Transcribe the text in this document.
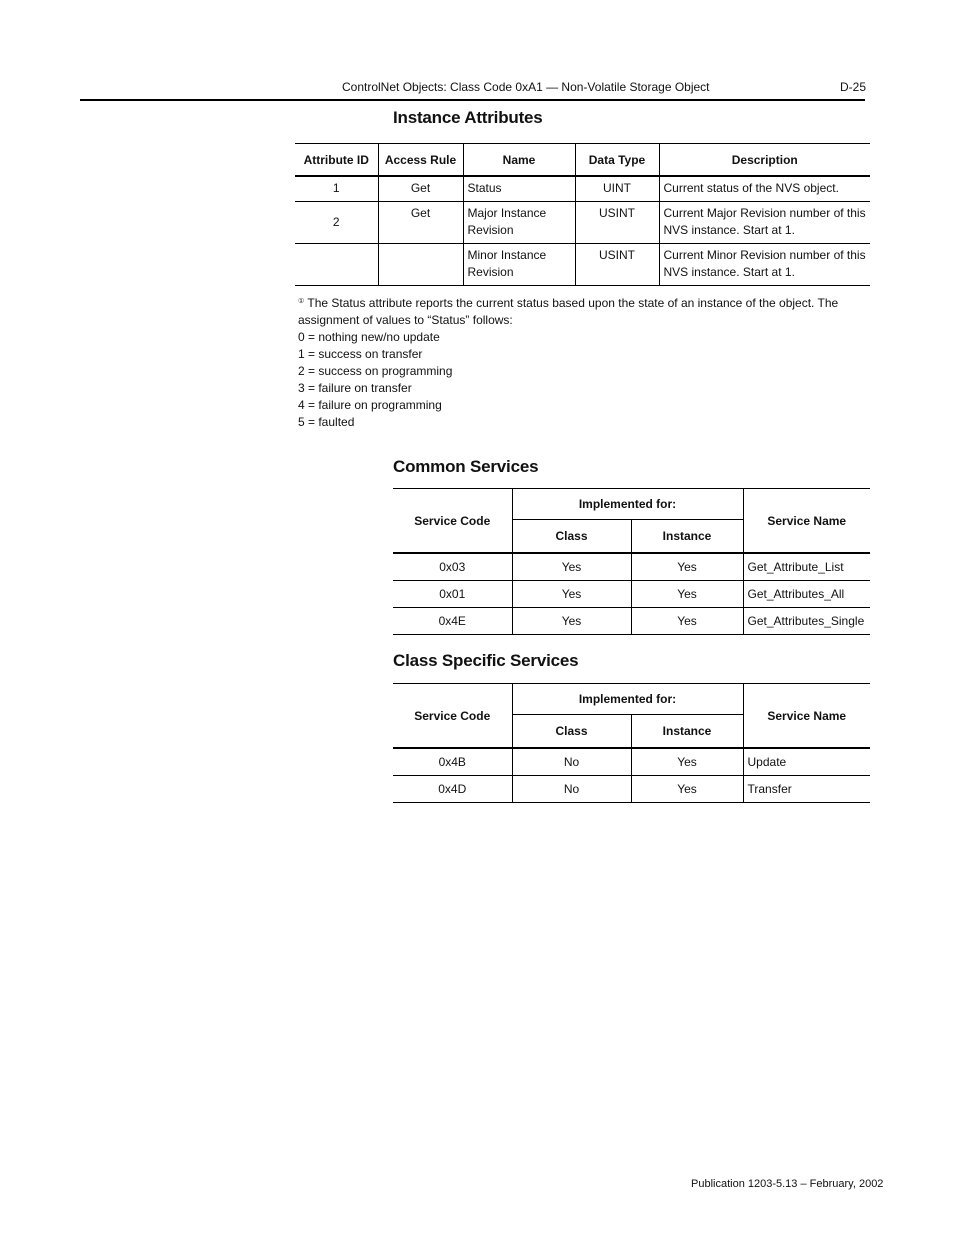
ControlNet Objects: Class Code 0xA1 — Non-Volatile Storage Object	D-25
Instance Attributes
Attribute ID	Access Rule	Name	Data Type	Description
1	Get	Status	UINT	Current status of the NVS object.
2	Get	Major Instance Revision	USINT	Current Major Revision number of this NVS instance. Start at 1.
		Minor Instance Revision	USINT	Current Minor Revision number of this NVS instance. Start at 1.
① The Status attribute reports the current status based upon the state of an instance of the object. The assignment of values to “Status” follows:
0 = nothing new/no update
1 = success on transfer
2 = success on programming
3 = failure on transfer
4 = failure on programming
5 = faulted
Common Services
Service Code	Implemented for:		Service Name
	Class	Instance	
0x03	Yes	Yes	Get_Attribute_List
0x01	Yes	Yes	Get_Attributes_All
0x4E	Yes	Yes	Get_Attributes_Single
Class Specific Services
Service Code	Implemented for:		Service Name
	Class	Instance	
0x4B	No	Yes	Update
0x4D	No	Yes	Transfer
Publication 1203-5.13 – February, 2002
